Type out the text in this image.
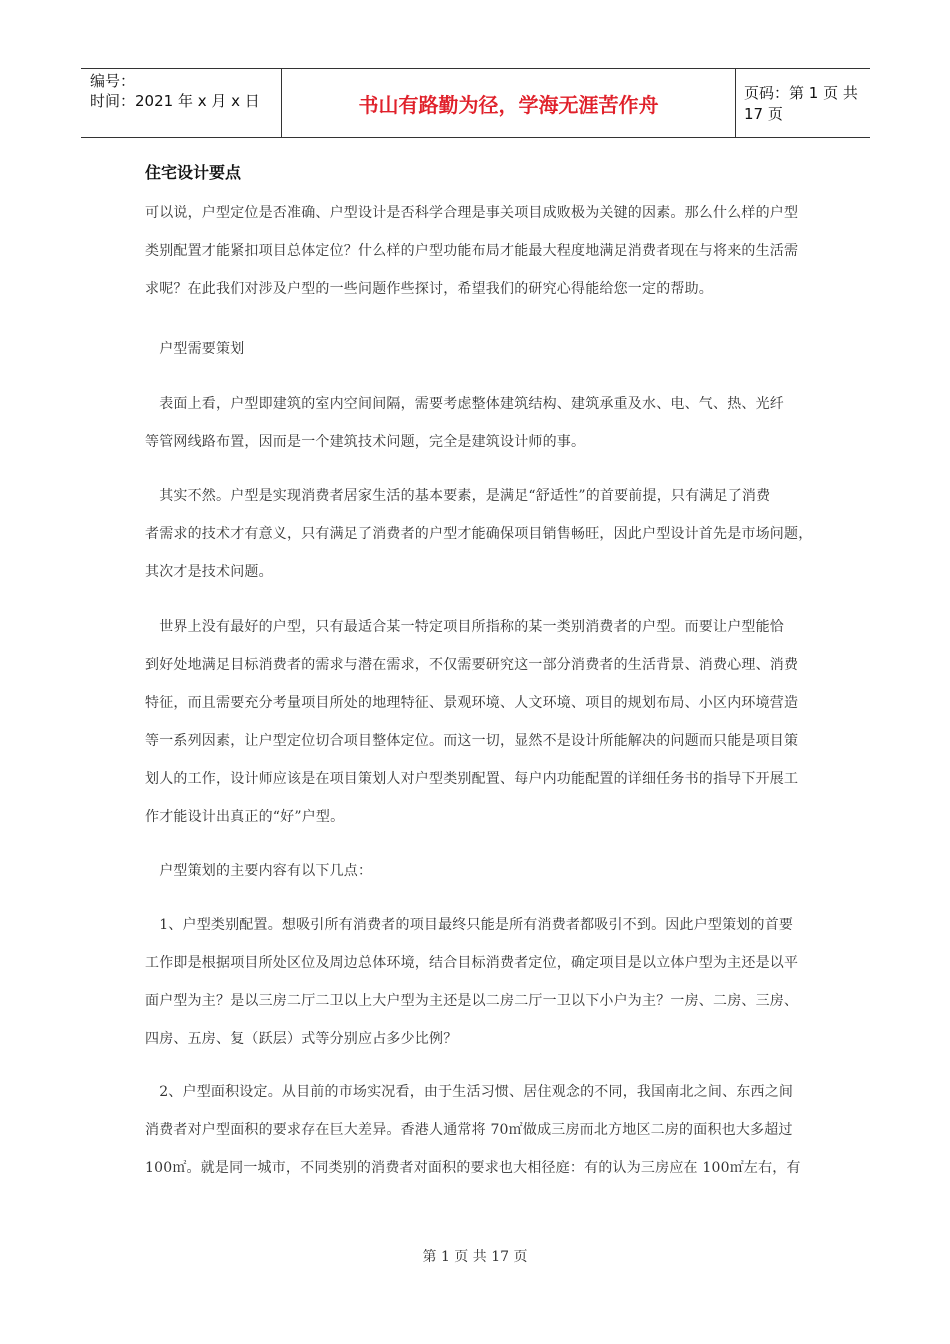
编号：
时间：2021 年 x 月 x 日	书山有路勤为径，学海无涯苦作舟	页码：第 1 页 共 17 页
住宅设计要点
可以说，户型定位是否准确、户型设计是否科学合理是事关项目成败极为关键的因素。那么什么样的户型
类别配置才能紧扣项目总体定位？什么样的户型功能布局才能最大程度地满足消费者现在与将来的生活需
求呢？在此我们对涉及户型的一些问题作些探讨，希望我们的研究心得能给您一定的帮助。
　户型需要策划
　表面上看，户型即建筑的室内空间间隔，需要考虑整体建筑结构、建筑承重及水、电、气、热、光纤
等管网线路布置，因而是一个建筑技术问题，完全是建筑设计师的事。
　其实不然。户型是实现消费者居家生活的基本要素，是满足“舒适性”的首要前提，只有满足了消费
者需求的技术才有意义，只有满足了消费者的户型才能确保项目销售畅旺，因此户型设计首先是市场问题，
其次才是技术问题。
　世界上没有最好的户型，只有最适合某一特定项目所指称的某一类别消费者的户型。而要让户型能恰
到好处地满足目标消费者的需求与潜在需求，不仅需要研究这一部分消费者的生活背景、消费心理、消费
特征，而且需要充分考量项目所处的地理特征、景观环境、人文环境、项目的规划布局、小区内环境营造
等一系列因素，让户型定位切合项目整体定位。而这一切，显然不是设计所能解决的问题而只能是项目策
划人的工作，设计师应该是在项目策划人对户型类别配置、每户内功能配置的详细任务书的指导下开展工
作才能设计出真正的“好”户型。
　户型策划的主要内容有以下几点：
　1、户型类别配置。想吸引所有消费者的项目最终只能是所有消费者都吸引不到。因此户型策划的首要
工作即是根据项目所处区位及周边总体环境，结合目标消费者定位，确定项目是以立体户型为主还是以平
面户型为主？是以三房二厅二卫以上大户型为主还是以二房二厅一卫以下小户为主？一房、二房、三房、
四房、五房、复（跃层）式等分别应占多少比例？
　2、户型面积设定。从目前的市场实况看，由于生活习惯、居住观念的不同，我国南北之间、东西之间
消费者对户型面积的要求存在巨大差异。香港人通常将 70㎡做成三房而北方地区二房的面积也大多超过
100㎡。就是同一城市，不同类别的消费者对面积的要求也大相径庭：有的认为三房应在 100㎡左右，有
第 1 页 共 17 页
